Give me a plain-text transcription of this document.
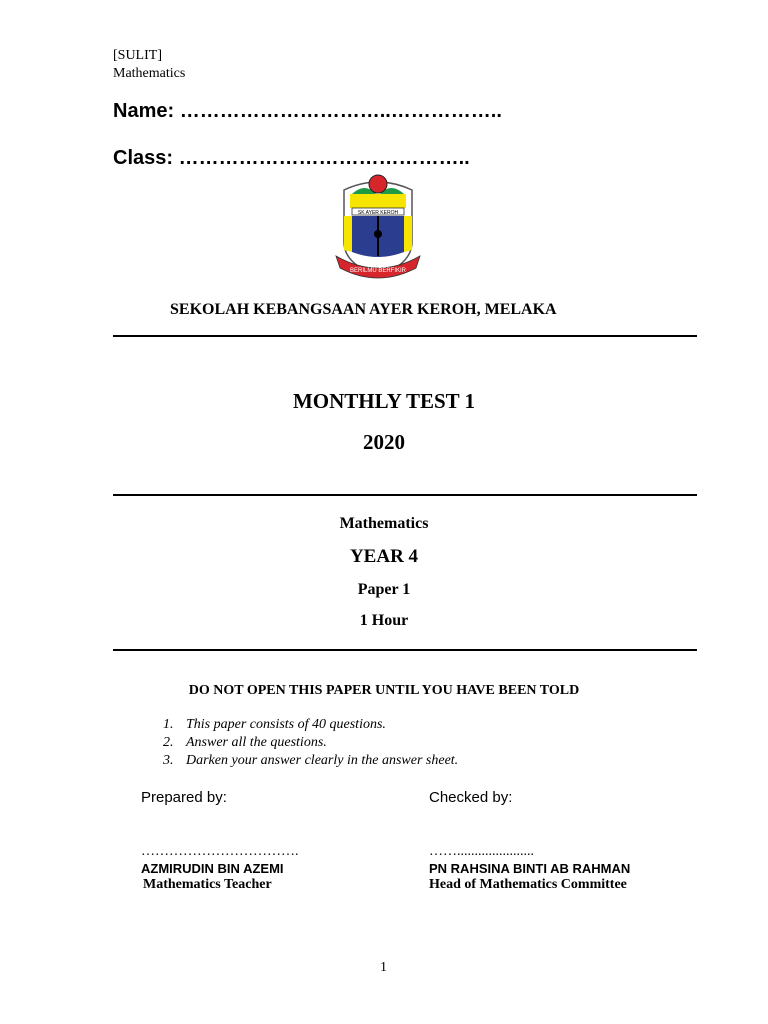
[SULIT]
Mathematics
Name: …………………………..……………..
Class: ……………………………………..
SK AYER KEROH
BERILMU BERFIKIR
SEKOLAH KEBANGSAAN AYER KEROH, MELAKA
MONTHLY TEST 1
2020
Mathematics
YEAR 4
Paper 1
1 Hour
DO NOT OPEN THIS PAPER UNTIL YOU HAVE BEEN TOLD
1. This paper consists of 40 questions.
2. Answer all the questions.
3. Darken your answer clearly in the answer sheet.
Prepared by:	Checked by:
…………………………….
AZMIRUDIN BIN AZEMI
Mathematics Teacher
……......................
PN RAHSINA BINTI AB RAHMAN
Head of Mathematics Committee
1
